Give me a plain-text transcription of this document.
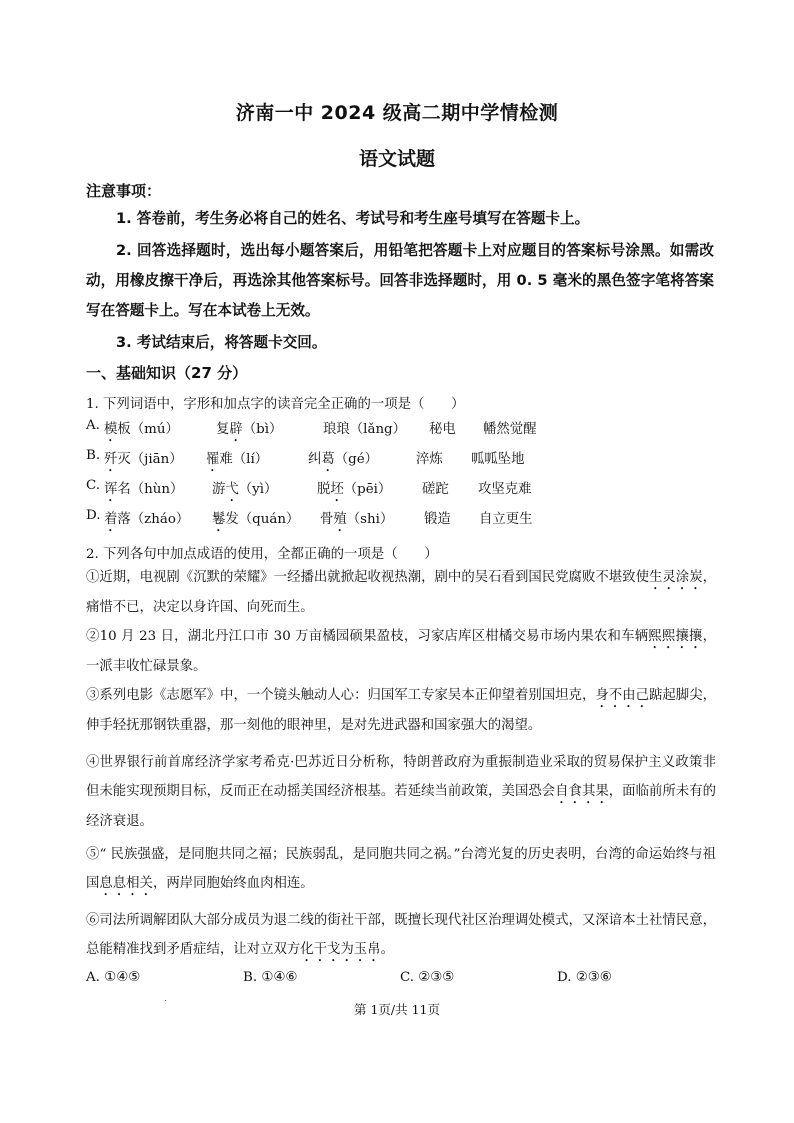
济南一中 2024 级高二期中学情检测
语文试题
注意事项：
1. 答卷前，考生务必将自己的姓名、考试号和考生座号填写在答题卡上。
2. 回答选择题时，选出每小题答案后，用铅笔把答题卡上对应题目的答案标号涂黑。如需改动，用橡皮擦干净后，再选涂其他答案标号。回答非选择题时，用 0. 5 毫米的黑色签字笔将答案写在答题卡上。写在本试卷上无效。
3. 考试结束后，将答题卡交回。
一、基础知识（27 分）
1. 下列词语中，字形和加点字的读音完全正确的一项是（　　）
A. 模板（mú）	复辟（bì）	琅琅（lǎng） 秘电 幡然觉醒
B. 歼灭（jiān） 罹难（lí）	纠葛（gé）	淬炼 呱呱坠地
C. 诨名（hùn） 游弋（yì）	脱坯（pēi） 磋跎 攻坚克难
D. 着落（zháo） 鬈发（quán） 骨殖（shi） 锻造 自立更生
2. 下列各句中加点成语的使用，全都正确的一项是（　　）
①近期，电视剧《沉默的荣耀》一经播出就掀起收视热潮，剧中的吴石看到国民党腐败不堪致使生灵涂炭，痛惜不已，决定以身许国、向死而生。
②10 月 23 日，湖北丹江口市 30 万亩橘园硕果盈枝，习家店库区柑橘交易市场内果农和车辆熙熙攘攘，一派丰收忙碌景象。
③系列电影《志愿军》中，一个镜头触动人心：归国军工专家吴本正仰望着别国坦克，身不由己踮起脚尖，伸手轻抚那钢铁重器，那一刻他的眼神里，是对先进武器和国家强大的渴望。
④世界银行前首席经济学家考希克·巴苏近日分析称，特朗普政府为重振制造业采取的贸易保护主义政策非但未能实现预期目标，反而正在动摇美国经济根基。若延续当前政策，美国恐会自食其果，面临前所未有的经济衰退。
⑤“ 民族强盛，是同胞共同之福；民族弱乱，是同胞共同之祸。”台湾光复的历史表明，台湾的命运始终与祖国息息相关，两岸同胞始终血肉相连。
⑥司法所调解团队大部分成员为退二线的街社干部，既擅长现代社区治理调处模式，又深谙本土社情民意，总能精准找到矛盾症结，让对立双方化干戈为玉帛。
A. ①④⑤	B. ①④⑥	C. ②③⑤	D. ②③⑥
第 1页/共 11页
